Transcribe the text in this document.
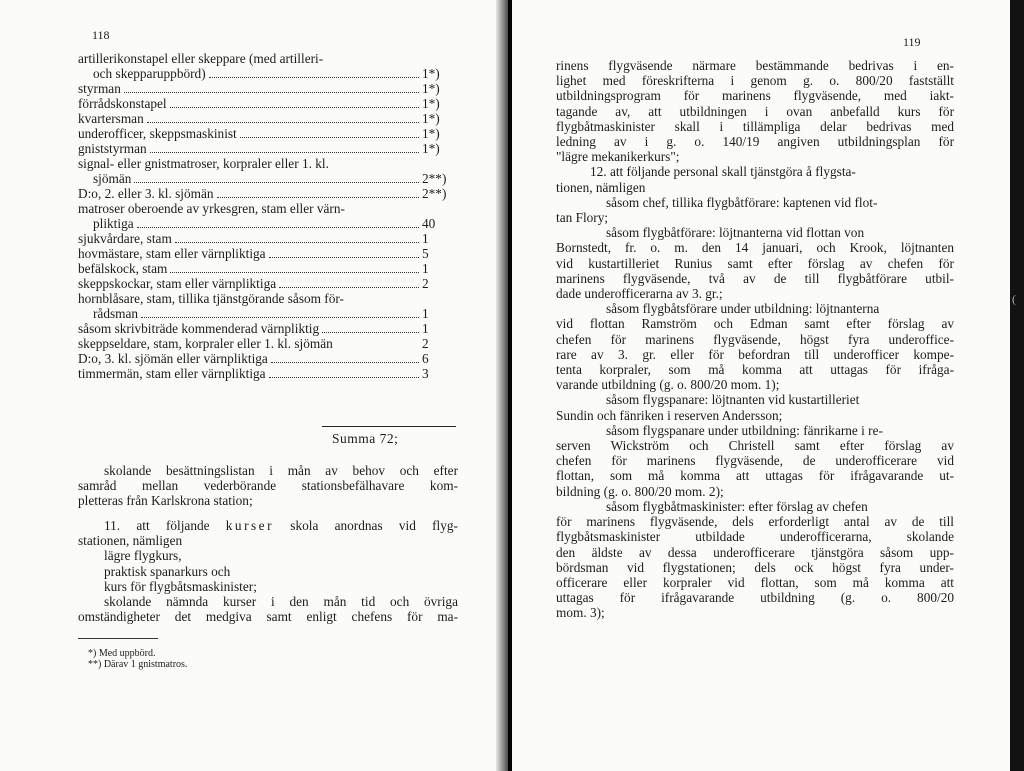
118
artillerikonstapel eller skeppare (med artilleri-
och skepparuppbörd)	1*)
styrman	1*)
förrådskonstapel	1*)
kvartersman	1*)
underofficer, skeppsmaskinist	1*)
gniststyrman	1*)
signal- eller gnistmatroser, korpraler eller 1. kl.
sjömän	2**)
D:o, 2. eller 3. kl. sjömän	2**)
matroser oberoende av yrkesgren, stam eller värn-
pliktiga	40
sjukvårdare, stam	1
hovmästare, stam eller värnpliktiga	5
befälskock, stam	1
skeppskockar, stam eller värnpliktiga	2
hornblåsare, stam, tillika tjänstgörande såsom för-
rådsman	1
såsom skrivbiträde kommenderad värnpliktig	1
skeppseldare, stam, korpraler eller 1. kl. sjömän	2
D:o, 3. kl. sjömän eller värnpliktiga	6
timmermän, stam eller värnpliktiga	3
Summa 72;
skolande besättningslistan i mån av behov och efter
samråd mellan vederbörande stationsbefälhavare kom-
pletteras från Karlskrona station;
11. att följande kurser skola anordnas vid flyg-
stationen, nämligen
lägre flygkurs,
praktisk spanarkurs och
kurs för flygbåtsmaskinister;
skolande nämnda kurser i den mån tid och övriga
omständigheter det medgiva samt enligt chefens för ma-
*) Med uppbörd.
**) Därav 1 gnistmatros.
119
rinens flygväsende närmare bestämmande bedrivas i en-
lighet med föreskrifterna i genom g. o. 800/20 fastställt
utbildningsprogram för marinens flygväsende, med iakt-
tagande av, att utbildningen i ovan anbefalld kurs för
flygbåtmaskinister skall i tillämpliga delar bedrivas med
ledning av i g. o. 140/19 angiven utbildningsplan för
"lägre mekanikerkurs";
12. att följande personal skall tjänstgöra å flygsta-
tionen, nämligen
såsom chef, tillika flygbåtförare: kaptenen vid flot-
tan Flory;
såsom flygbåtförare: löjtnanterna vid flottan von
Bornstedt, fr. o. m. den 14 januari, och Krook, löjtnanten
vid kustartilleriet Runius samt efter förslag av chefen för
marinens flygväsende, två av de till flygbåtförare utbil-
dade underofficerarna av 3. gr.;
såsom flygbåtsförare under utbildning: löjtnanterna
vid flottan Ramström och Edman samt efter förslag av
chefen för marinens flygväsende, högst fyra underoffice-
rare av 3. gr. eller för befordran till underofficer kompe-
tenta korpraler, som må komma att uttagas för ifråga-
varande utbildning (g. o. 800/20 mom. 1);
såsom flygspanare: löjtnanten vid kustartilleriet
Sundin och fänriken i reserven Andersson;
såsom flygspanare under utbildning: fänrikarne i re-
serven Wickström och Christell samt efter förslag av
chefen för marinens flygväsende, de underofficerare vid
flottan, som må komma att uttagas för ifrågavarande ut-
bildning (g. o. 800/20 mom. 2);
såsom flygbåtmaskinister: efter förslag av chefen
för marinens flygväsende, dels erforderligt antal av de till
flygbåtsmaskinister utbildade underofficerarna, skolande
den äldste av dessa underofficerare tjänstgöra såsom upp-
bördsman vid flygstationen; dels ock högst fyra under-
officerare eller korpraler vid flottan, som må komma att
uttagas för ifrågavarande utbildning (g. o. 800/20
mom. 3);
(
